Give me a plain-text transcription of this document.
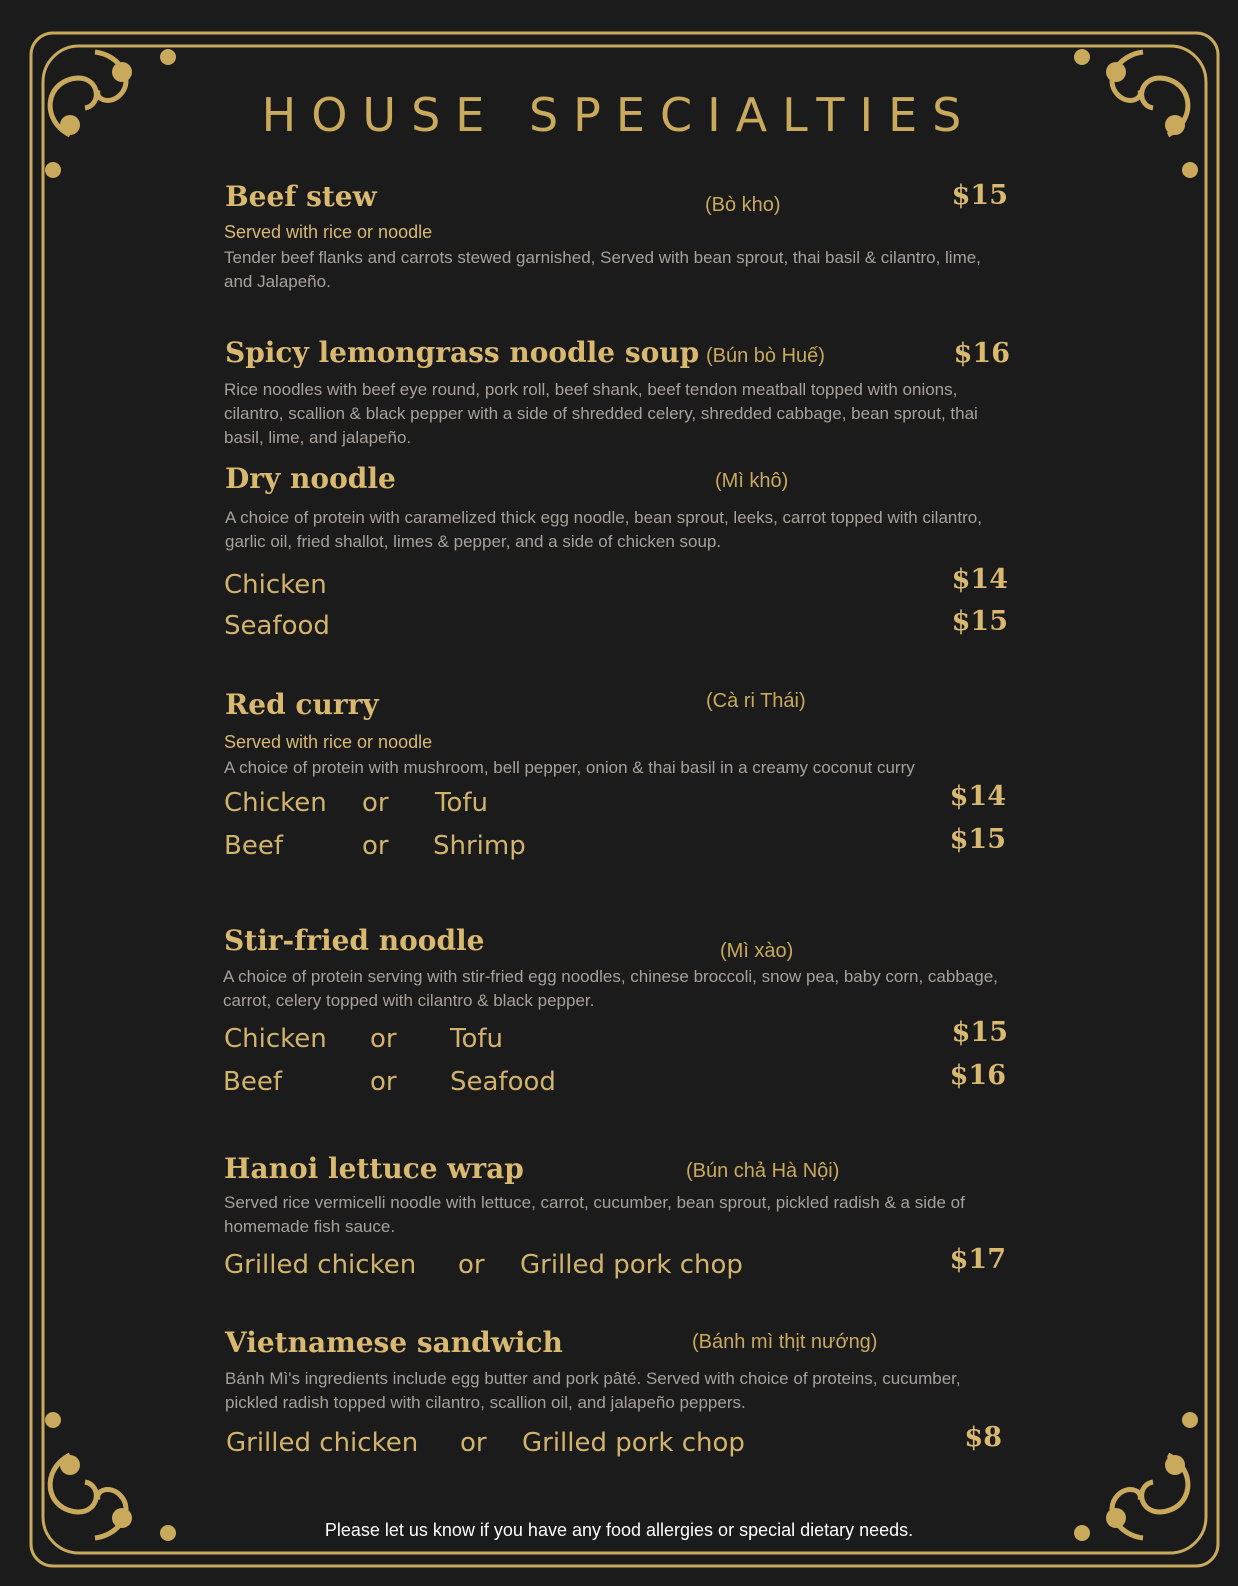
HOUSE SPECIALTIES
Beef stew	(Bò kho)	$15
Served with rice or noodle
Tender beef flanks and carrots stewed garnished, Served with bean sprout, thai basil & cilantro, lime, and Jalapeño.
Spicy lemongrass noodle soup (Bún bò Huế)	$16
Rice noodles with beef eye round, pork roll, beef shank, beef tendon meatball topped with onions, cilantro, scallion & black pepper with a side of shredded celery, shredded cabbage, bean sprout, thai basil, lime, and jalapeño.
Dry noodle	(Mì khô)
A choice of protein with caramelized thick egg noodle, bean sprout, leeks, carrot topped with cilantro, garlic oil, fried shallot, limes & pepper, and a side of chicken soup.
Chicken	$14
Seafood	$15
Red curry	(Cà ri Thái)
Served with rice or noodle
A choice of protein with mushroom, bell pepper, onion & thai basil in a creamy coconut curry
Chicken or Tofu	$14
Beef	or Shrimp	$15
Stir-fried noodle	(Mì xào)
A choice of protein serving with stir-fried egg noodles, chinese broccoli, snow pea, baby corn, cabbage, carrot, celery topped with cilantro & black pepper.
Chicken or Tofu	$15
Beef	or Seafood	$16
Hanoi lettuce wrap	(Bún chả Hà Nội)
Served rice vermicelli noodle with lettuce, carrot, cucumber, bean sprout, pickled radish & a side of homemade fish sauce.
Grilled chicken or Grilled pork chop	$17
Vietnamese sandwich	(Bánh mì thịt nướng)
Bánh Mì's ingredients include egg butter and pork pâté. Served with choice of proteins, cucumber, pickled radish topped with cilantro, scallion oil, and jalapeño peppers.
Grilled chicken or Grilled pork chop	$8

Please let us know if you have any food allergies or special dietary needs.
